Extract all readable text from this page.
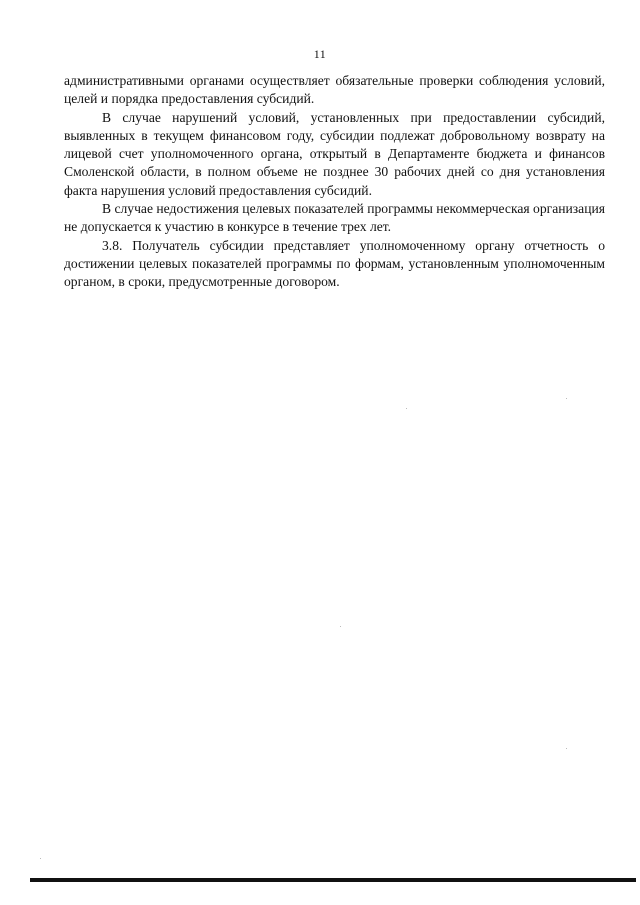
11

административными органами осуществляет обязательные проверки соблюдения условий, целей и порядка предоставления субсидий.

В случае нарушений условий, установленных при предоставлении субсидий, выявленных в текущем финансовом году, субсидии подлежат добровольному возврату на лицевой счет уполномоченного органа, открытый в Департаменте бюджета и финансов Смоленской области, в полном объеме не позднее 30 рабочих дней со дня установления факта нарушения условий предоставления субсидий.

В случае недостижения целевых показателей программы некоммерческая организация не допускается к участию в конкурсе в течение трех лет.

3.8. Получатель субсидии представляет уполномоченному органу отчетность о достижении целевых показателей программы по формам, установленным уполномоченным органом, в сроки, предусмотренные договором.
